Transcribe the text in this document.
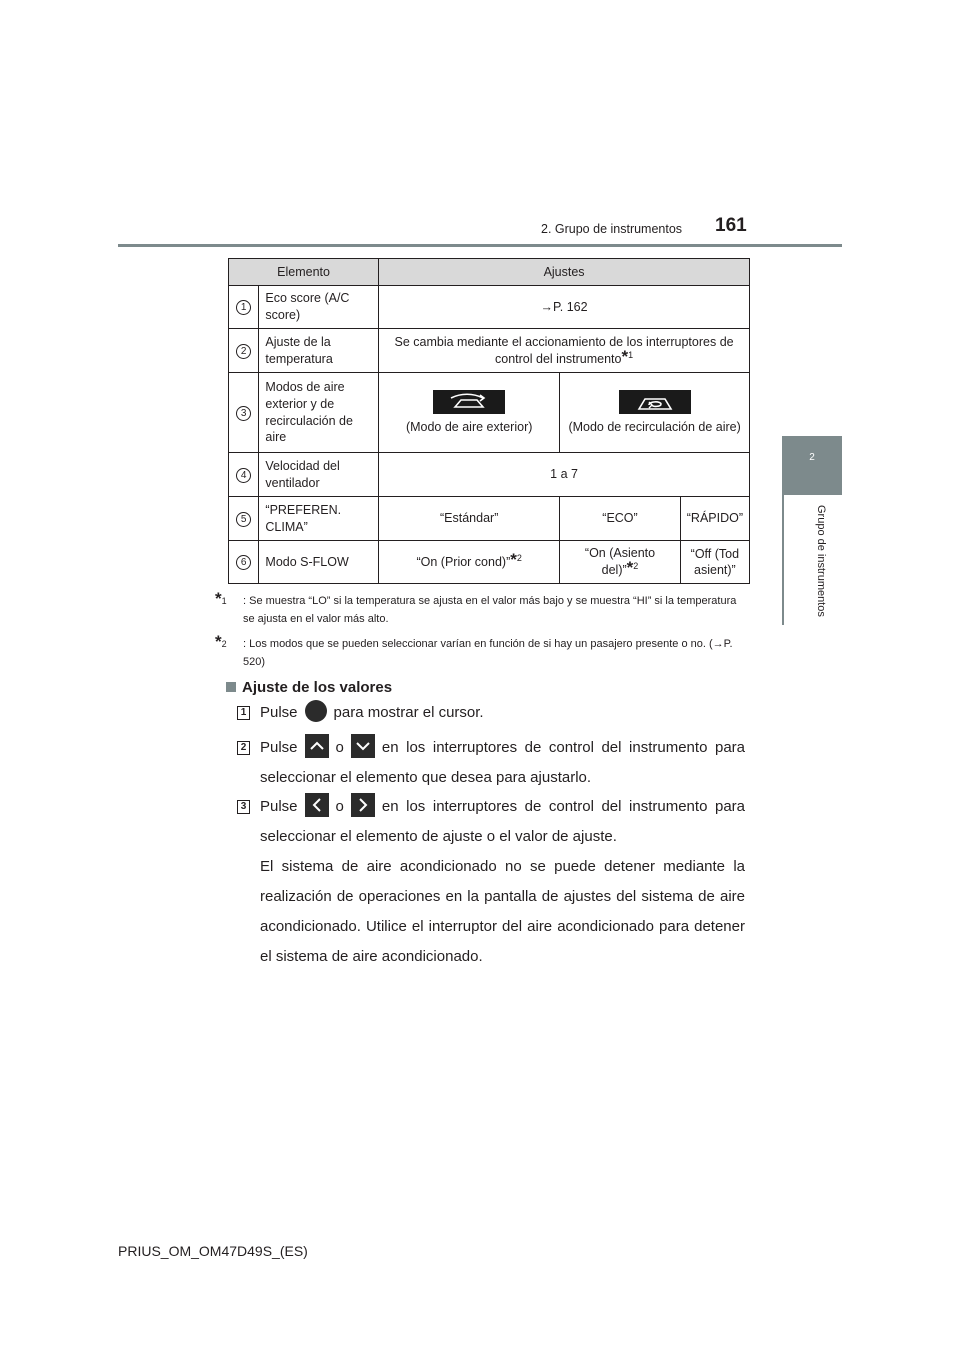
2. Grupo de instrumentos 161
2
Grupo de instrumentos
Elemento		Ajustes		
1	Eco score (A/C score)	→P. 162		
2	Ajuste de la temperatura	Se cambia mediante el accionamiento de los interruptores de control del instrumento*$^1$
3	Modos de aire exterior y de recirculación de aire	(Modo de aire exterior)	(Modo de recirculación de aire)	

4	Velocidad del ventilador	1 a 7		
5	“PREFEREN. CLIMA”	“Estándar”	“ECO”	“RÁPIDO”
6	Modo S-FLOW	“On (Prior cond)”*$^2$	“On (Asiento del)”*$^2$	“Off (Tod asient)”
*$^1$	: Se muestra “LO” si la temperatura se ajusta en el valor más bajo y se muestra “HI” si la temperatura se ajusta en el valor más alto.
*$^2$	: Los modos que se pueden seleccionar varían en función de si hay un pasajero presente o no. (→P. 520)
Ajuste de los valores
1 Pulse para mostrar el cursor.
2 Pulse	o	en los interruptores de control del instrumento para seleccionar el elemento que desea para ajustarlo.
3 Pulse	o	en los interruptores de control del instrumento para seleccionar el elemento de ajuste o el valor de ajuste.
El sistema de aire acondicionado no se puede detener mediante la realización de operaciones en la pantalla de ajustes del sistema de aire acondicionado. Utilice el interruptor del aire acondicionado para detener el sistema de aire acondicionado.
PRIUS_OM_OM47D49S_(ES)
